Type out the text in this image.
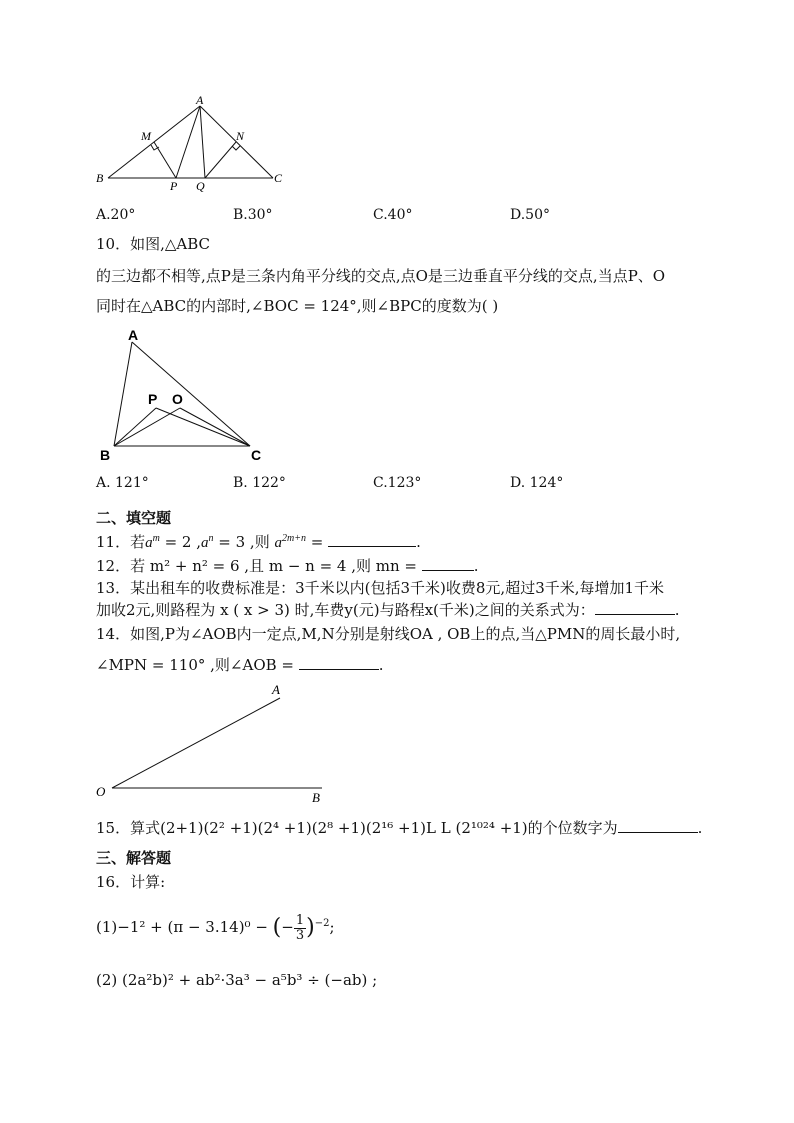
A
M	N
B
P Q
C
A.20°	B.30°	C.40°	D.50°
10．如图,△ABC
的三边都不相等,点P是三条内角平分线的交点,点O是三边垂直平分线的交点,当点P、O
同时在△ABC的内部时,∠BOC = 124°,则∠BPC的度数为( )
A
P O
B	C
A. 121°	B. 122°	C.123°	D. 124°
二、填空题
11．若$a^m = 2$ $,a^n = 3$ ,则 $a^{2m+n}$ =	.
12．若 m² + n² = 6 ,且 m − n = 4 ,则 mn =	.
13．某出租车的收费标准是：3千米以内(包括3千米)收费8元,超过3千米,每增加1千米
加收2元,则路程为 x ( x > 3) 时,车费y(元)与路程x(千米)之间的关系式为：	.
14．如图,P为∠AOB内一定点,M,N分别是射线OA , OB上的点,当△PMN的周长最小时,
∠MPN = 110° ,则∠AOB =	.
A
O	B
15．算式(2+1)(2² +1)(2⁴ +1)(2⁸ +1)(2¹⁶ +1)L L (2¹⁰²⁴ +1)的个位数字为	.
三、解答题
16．计算:
(1)−1² + (π − 3.14)⁰ − (− $\frac{1}{3} )^{-2}$;
(2) (2a²b)² + ab²·3a³ − a⁵b³ ÷ (−ab) ;
